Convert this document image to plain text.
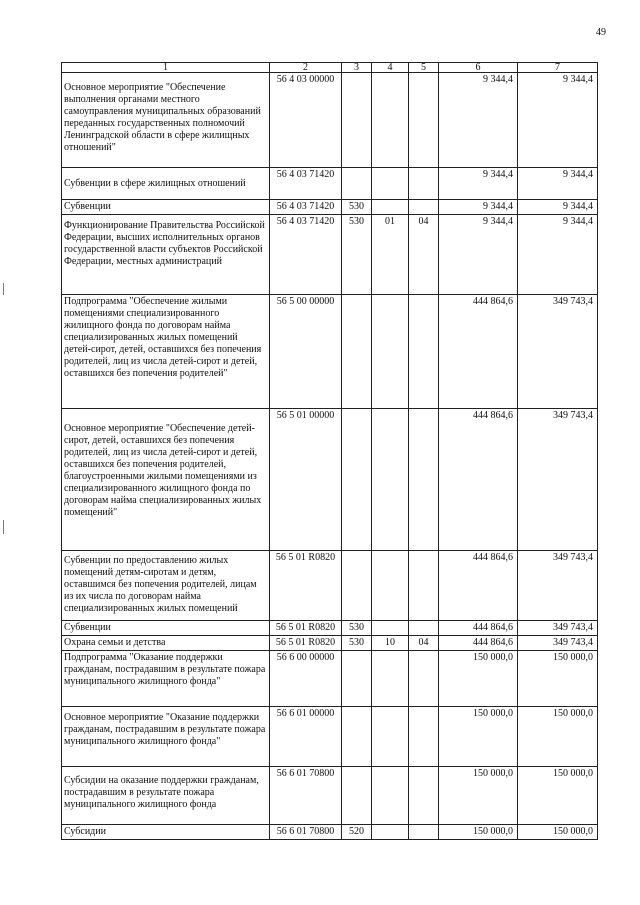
49
1	2	3	4	5	6	7
Основное мероприятие "Обеспечение выполнения органами местного самоуправления муниципальных образований переданных государственных полномочий Ленинградской области в сфере жилищных отношений"	56 4 03 00000				9 344,4	9 344,4
Субвенции в сфере жилищных отношений	56 4 03 71420				9 344,4	9 344,4
Субвенции	56 4 03 71420	530			9 344,4	9 344,4
Функционирование Правительства Российской Федерации, высших исполнительных органов государственной власти субъектов Российской Федерации, местных администраций	56 4 03 71420	530	01	04	9 344,4	9 344,4
Подпрограмма "Обеспечение жилыми помещениями специализированного жилищного фонда по договорам найма специализированных жилых помещений детей-сирот, детей, оставшихся без попечения родителей, лиц из числа детей-сирот и детей, оставшихся без попечения родителей"	56 5 00 00000				444 864,6	349 743,4
Основное мероприятие "Обеспечение детей-сирот, детей, оставшихся без попечения родителей, лиц из числа детей-сирот и детей, оставшихся без попечения родителей, благоустроенными жилыми помещениями из специализированного жилищного фонда по договорам найма специализированных жилых помещений"	56 5 01 00000				444 864,6	349 743,4
Субвенции по предоставлению жилых помещений детям-сиротам и детям, оставшимся без попечения родителей, лицам из их числа по договорам найма специализированных жилых помещений	56 5 01 R0820				444 864,6	349 743,4
Субвенции	56 5 01 R0820	530			444 864,6	349 743,4
Охрана семьи и детства	56 5 01 R0820	530	10	04	444 864,6	349 743,4
Подпрограмма "Оказание поддержки гражданам, пострадавшим в результате пожара муниципального жилищного фонда"	56 6 00 00000				150 000,0	150 000,0
Основное мероприятие "Оказание поддержки гражданам, пострадавшим в результате пожара муниципального жилищного фонда"	56 6 01 00000				150 000,0	150 000,0
Субсидии на оказание поддержки гражданам, пострадавшим в результате пожара муниципального жилищного фонда	56 6 01 70800				150 000,0	150 000,0
Субсидии	56 6 01 70800	520			150 000,0	150 000,0
